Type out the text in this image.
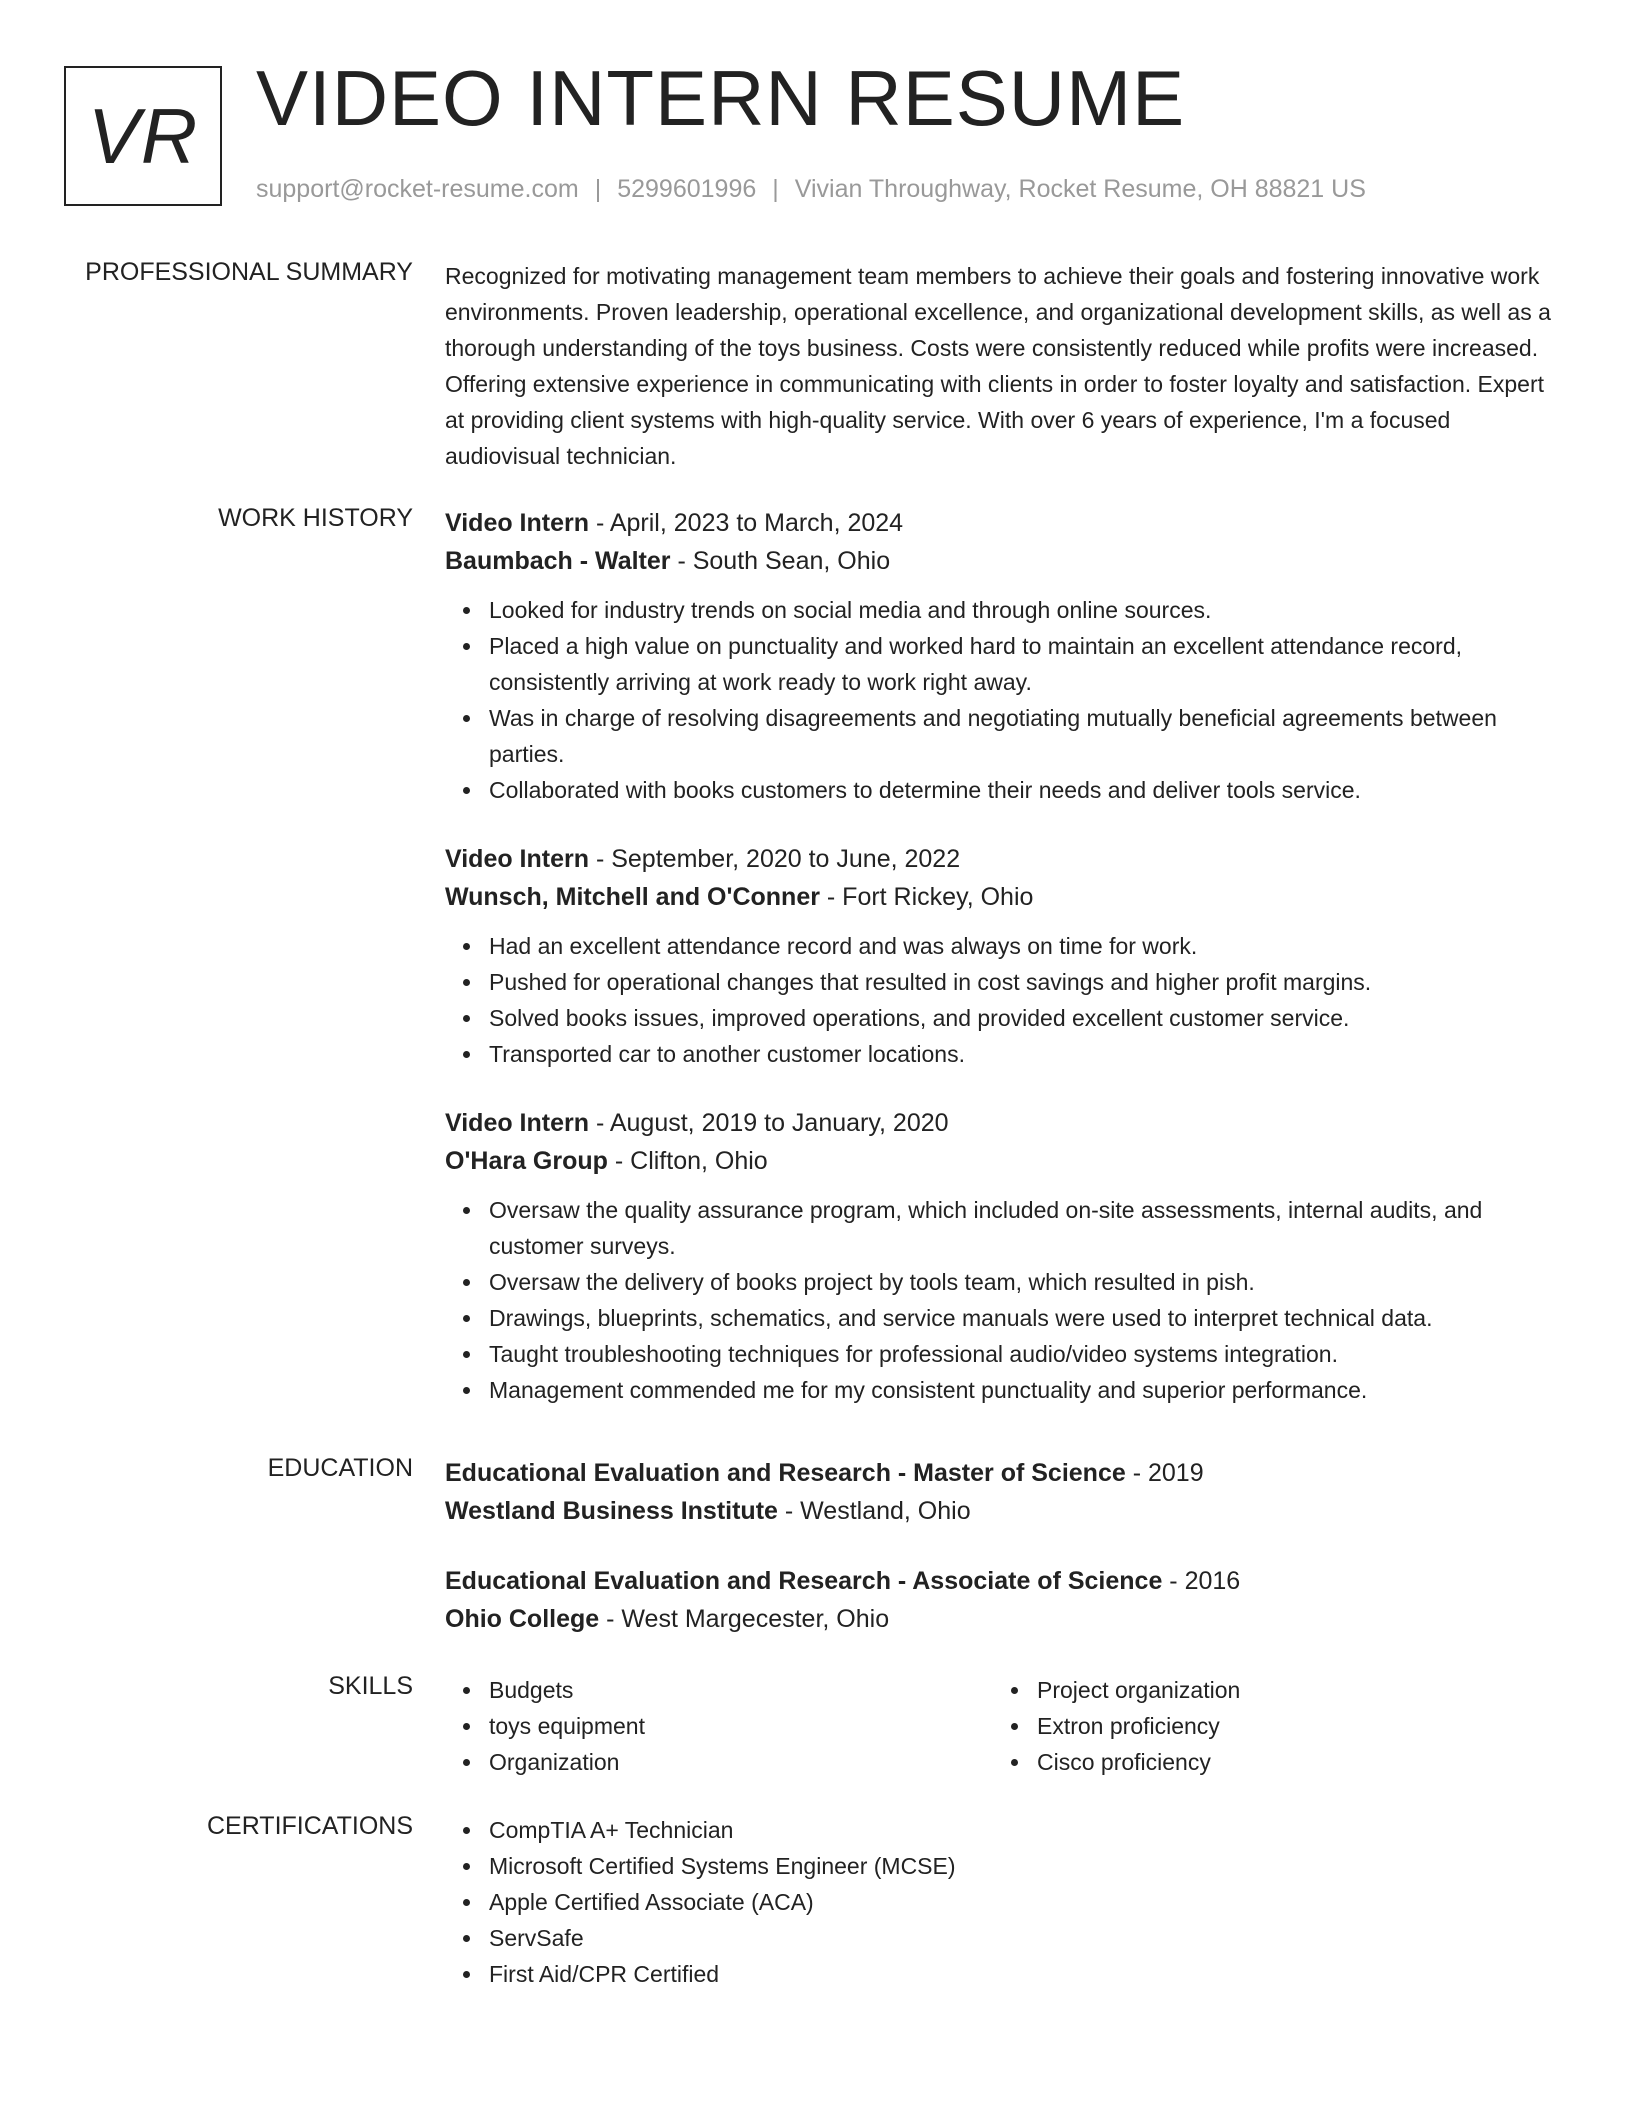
VR VIDEO INTERN RESUME
support@rocket-resume.com | 5299601996 | Vivian Throughway, Rocket Resume, OH 88821 US
PROFESSIONAL SUMMARY Recognized for motivating management team members to achieve their goals and fostering innovative work environments. Proven leadership, operational excellence, and organizational development skills, as well as a thorough understanding of the toys business. Costs were consistently reduced while profits were increased. Offering extensive experience in communicating with clients in order to foster loyalty and satisfaction. Expert at providing client systems with high-quality service. With over 6 years of experience, I'm a focused audiovisual technician.

WORK HISTORY Video Intern - April, 2023 to March, 2024
Baumbach - Walter - South Sean, Ohio
Looked for industry trends on social media and through online sources.
Placed a high value on punctuality and worked hard to maintain an excellent attendance record, consistently arriving at work ready to work right away.
Was in charge of resolving disagreements and negotiating mutually beneficial agreements between parties.
Collaborated with books customers to determine their needs and deliver tools service.
Video Intern - September, 2020 to June, 2022
Wunsch, Mitchell and O'Conner - Fort Rickey, Ohio
Had an excellent attendance record and was always on time for work.
Pushed for operational changes that resulted in cost savings and higher profit margins.
Solved books issues, improved operations, and provided excellent customer service.
Transported car to another customer locations.
Video Intern - August, 2019 to January, 2020
O'Hara Group - Clifton, Ohio
Oversaw the quality assurance program, which included on-site assessments, internal audits, and customer surveys.
Oversaw the delivery of books project by tools team, which resulted in pish.
Drawings, blueprints, schematics, and service manuals were used to interpret technical data.
Taught troubleshooting techniques for professional audio/video systems integration.
Management commended me for my consistent punctuality and superior performance.
EDUCATION Educational Evaluation and Research - Master of Science - 2019
Westland Business Institute - Westland, Ohio
Educational Evaluation and Research - Associate of Science - 2016
Ohio College - West Margecester, Ohio
SKILLS	Budgets
toys equipment
Organization
Project organization
Extron proficiency
Cisco proficiency
CERTIFICATIONS	CompTIA A+ Technician
Microsoft Certified Systems Engineer (MCSE)
Apple Certified Associate (ACA)
ServSafe
First Aid/CPR Certified
